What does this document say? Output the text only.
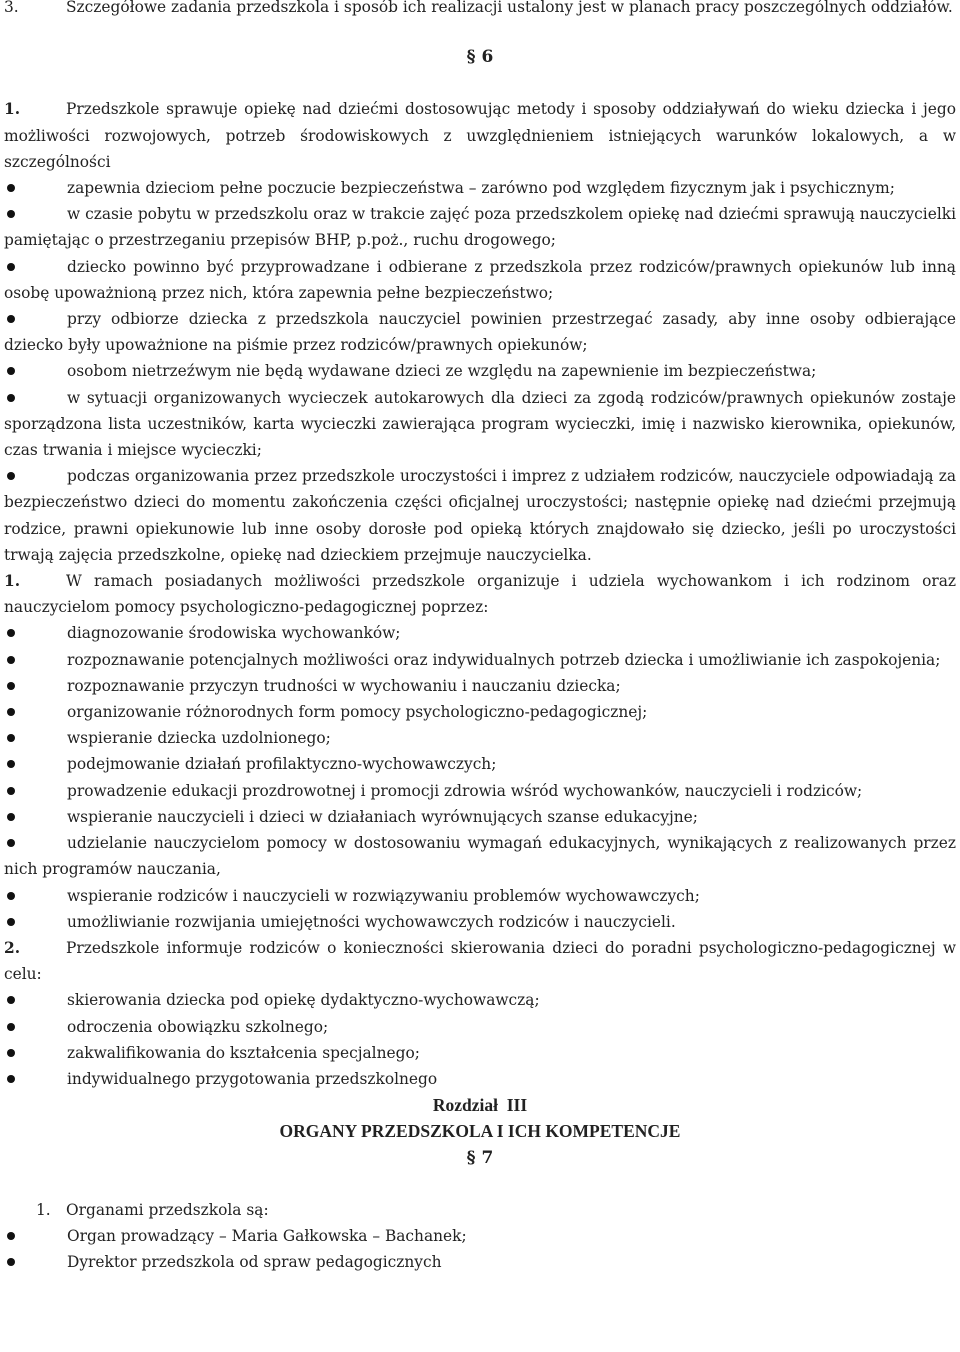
3.	Szczegółowe zadania przedszkola i sposób ich realizacji ustalony jest w planach pracy poszczególnych oddziałów.

§ 6

1.	Przedszkole sprawuje opiekę nad dziećmi dostosowując metody i sposoby oddziaływań do wieku dziecka i jego możliwości rozwojowych, potrzeb środowiskowych z uwzględnieniem istniejących warunków lokalowych, a w szczególności

zapewnia dzieciom pełne poczucie bezpieczeństwa – zarówno pod względem fizycznym jak i psychicznym;

w czasie pobytu w przedszkolu oraz w trakcie zajęć poza przedszkolem opiekę nad dziećmi sprawują nauczycielki pamiętając o przestrzeganiu przepisów BHP, p.poż., ruchu drogowego;

dziecko powinno być przyprowadzane i odbierane z przedszkola przez rodziców/prawnych opiekunów lub inną osobę upoważnioną przez nich, która zapewnia pełne bezpieczeństwo;

przy odbiorze dziecka z przedszkola nauczyciel powinien przestrzegać zasady, aby inne osoby odbierające dziecko były upoważnione na piśmie przez rodziców/prawnych opiekunów;

osobom nietrzeźwym nie będą wydawane dzieci ze względu na zapewnienie im bezpieczeństwa;

w sytuacji organizowanych wycieczek autokarowych dla dzieci za zgodą rodziców/prawnych opiekunów zostaje sporządzona lista uczestników, karta wycieczki zawierająca program wycieczki, imię i nazwisko kierownika, opiekunów, czas trwania i miejsce wycieczki;

podczas organizowania przez przedszkole uroczystości i imprez z udziałem rodziców, nauczyciele odpowiadają za bezpieczeństwo dzieci do momentu zakończenia części oficjalnej uroczystości; następnie opiekę nad dziećmi przejmują rodzice, prawni opiekunowie lub inne osoby dorosłe pod opieką których znajdowało się dziecko, jeśli po uroczystości trwają zajęcia przedszkolne, opiekę nad dzieckiem przejmuje nauczycielka.

1.	W ramach posiadanych możliwości przedszkole organizuje i udziela wychowankom i ich rodzinom oraz nauczycielom pomocy psychologiczno-pedagogicznej poprzez:

diagnozowanie środowiska wychowanków;

rozpoznawanie potencjalnych możliwości oraz indywidualnych potrzeb dziecka i umożliwianie ich zaspokojenia;

rozpoznawanie przyczyn trudności w wychowaniu i nauczaniu dziecka;

organizowanie różnorodnych form pomocy psychologiczno-pedagogicznej;

wspieranie dziecka uzdolnionego;

podejmowanie działań profilaktyczno-wychowawczych;

prowadzenie edukacji prozdrowotnej i promocji zdrowia wśród wychowanków, nauczycieli i rodziców;

wspieranie nauczycieli i dzieci w działaniach wyrównujących szanse edukacyjne;

udzielanie nauczycielom pomocy w dostosowaniu wymagań edukacyjnych, wynikających z realizowanych przez nich programów nauczania,

wspieranie rodziców i nauczycieli w rozwiązywaniu problemów wychowawczych;

umożliwianie rozwijania umiejętności wychowawczych rodziców i nauczycieli.

2.	Przedszkole informuje rodziców o konieczności skierowania dzieci do poradni psychologiczno-pedagogicznej w celu:

skierowania dziecka pod opiekę dydaktyczno-wychowawczą;

odroczenia obowiązku szkolnego;

zakwalifikowania do kształcenia specjalnego;

indywidualnego przygotowania przedszkolnego

Rozdział  III

ORGANY PRZEDSZKOLA I ICH KOMPETENCJE

§ 7

1. Organami przedszkola są:

Organ prowadzący – Maria Gałkowska – Bachanek;

Dyrektor przedszkola od spraw pedagogicznych
